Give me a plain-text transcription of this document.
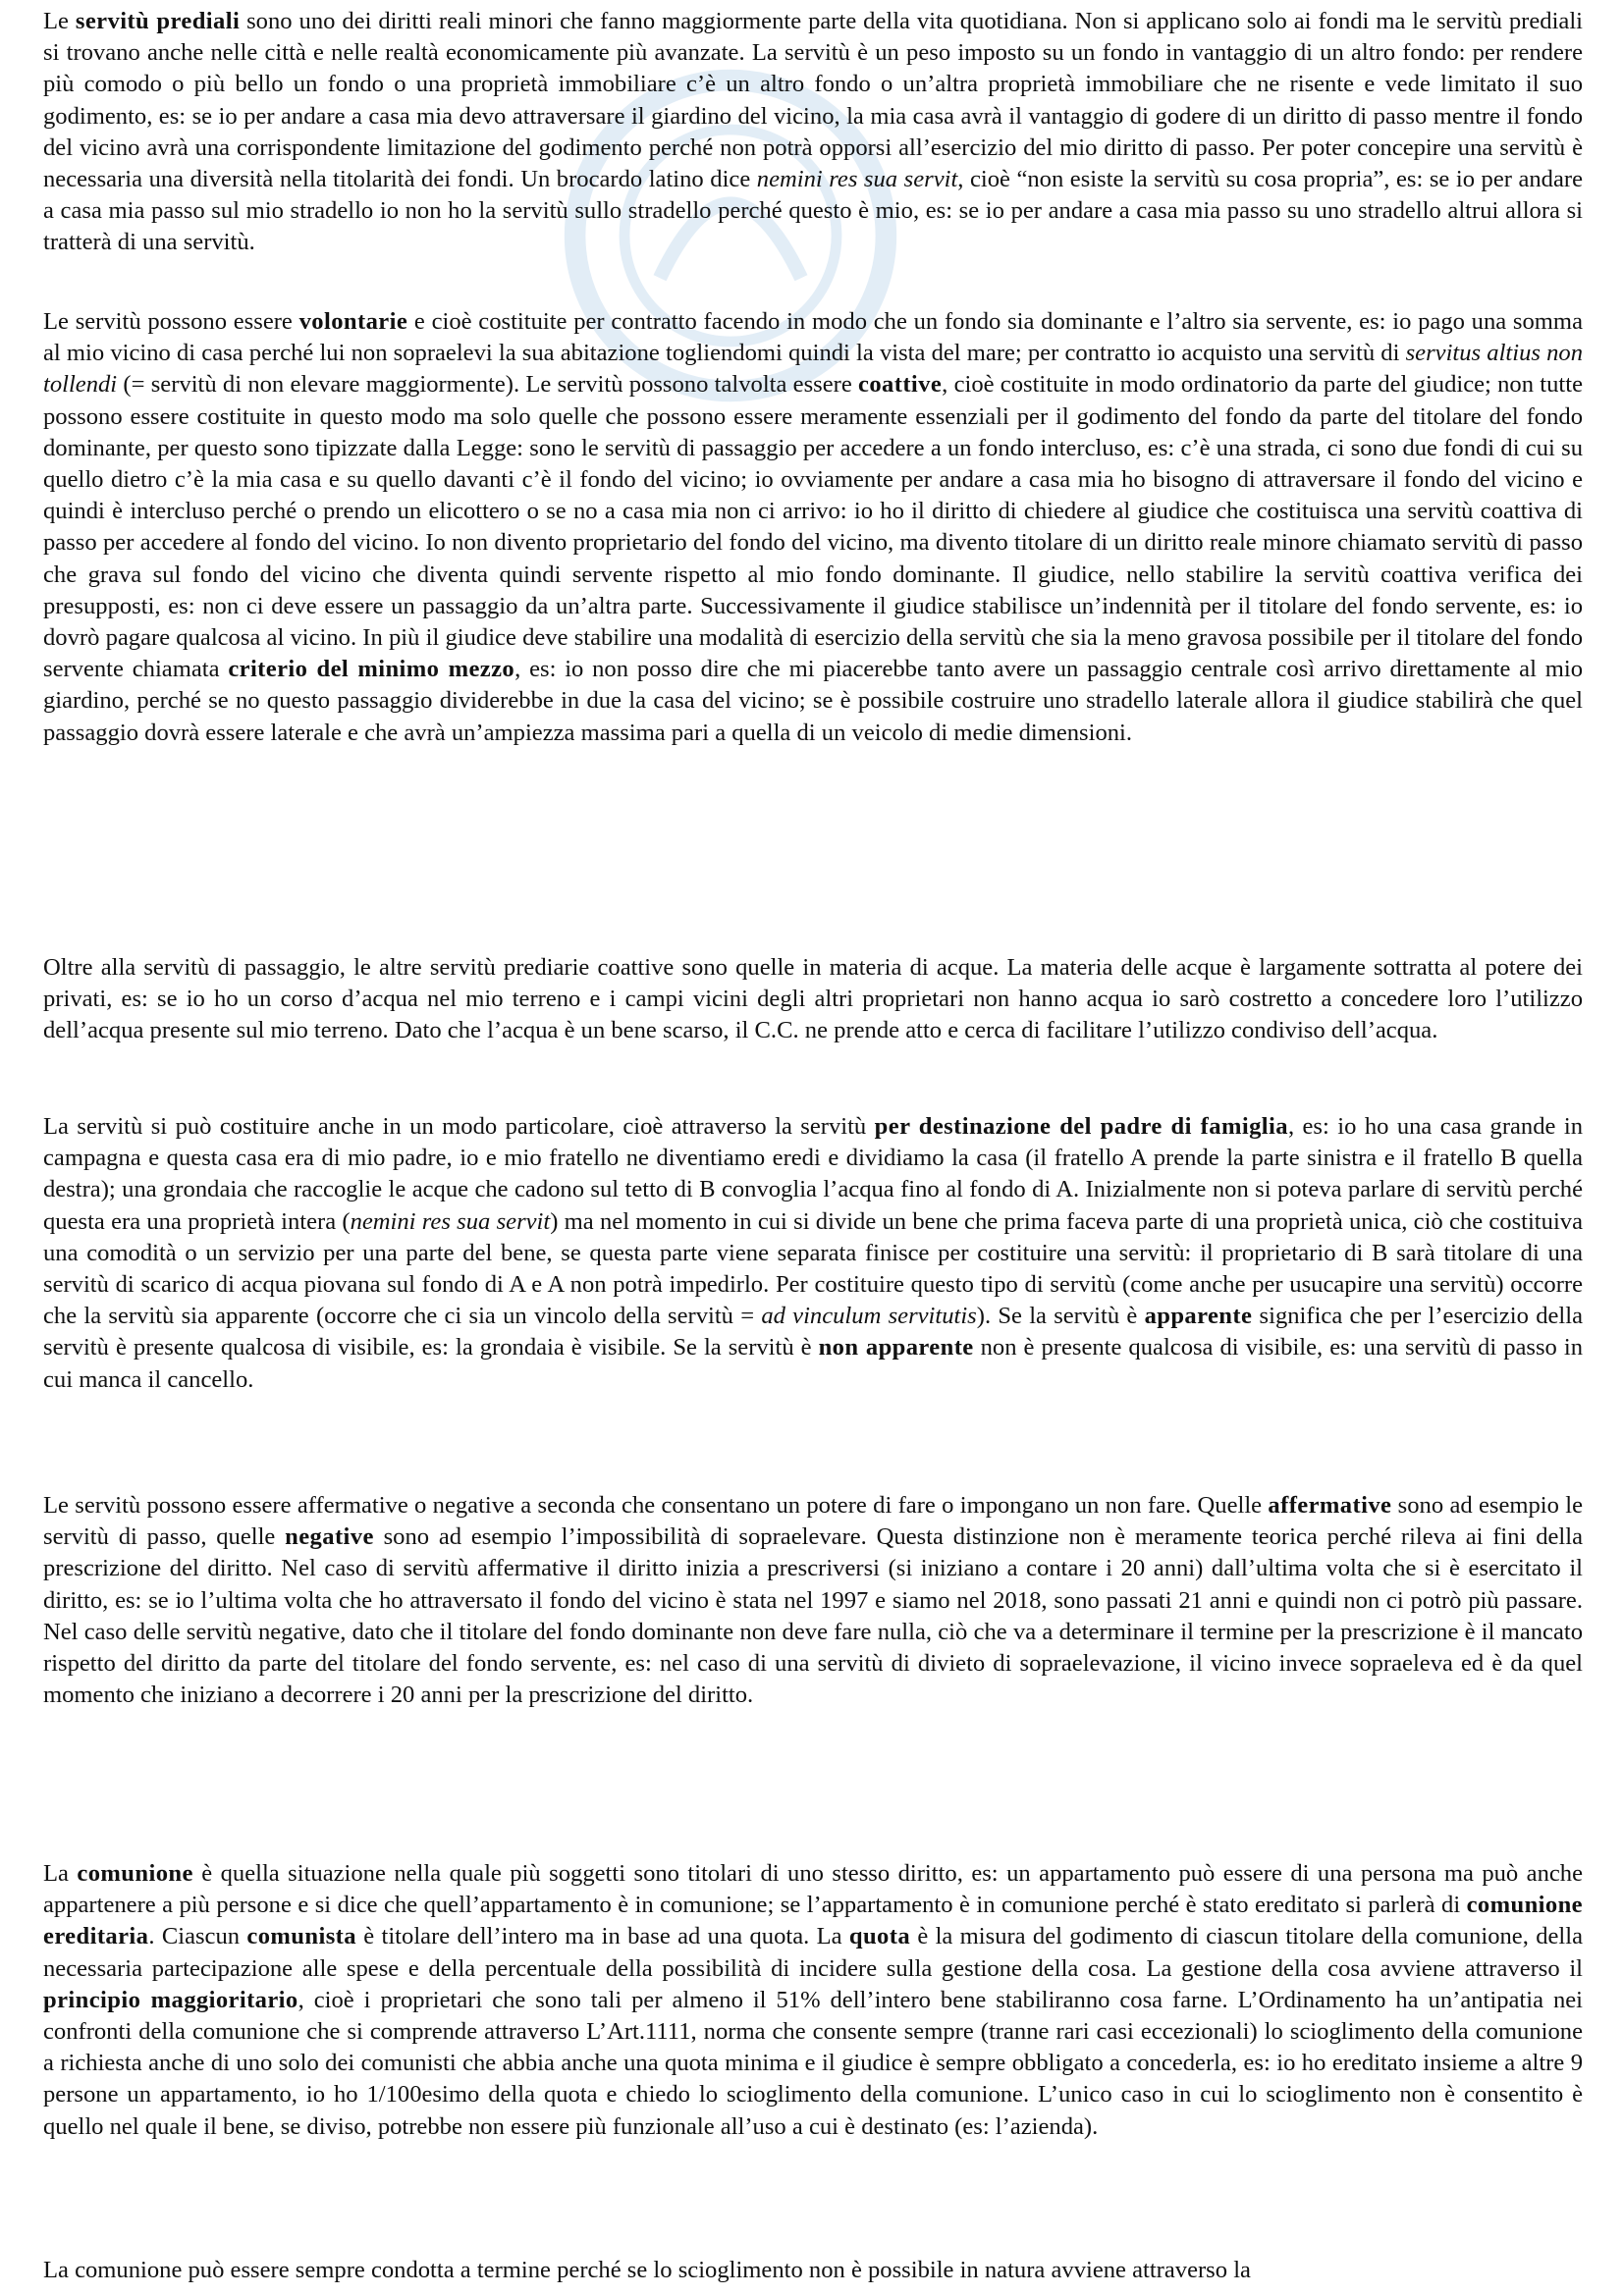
Le servitù prediali sono uno dei diritti reali minori che fanno maggiormente parte della vita quotidiana. Non si applicano solo ai fondi ma le servitù prediali si trovano anche nelle città e nelle realtà economicamente più avanzate. La servitù è un peso imposto su un fondo in vantaggio di un altro fondo: per rendere più comodo o più bello un fondo o una proprietà immobiliare c’è un altro fondo o un’altra proprietà immobiliare che ne risente e vede limitato il suo godimento, es: se io per andare a casa mia devo attraversare il giardino del vicino, la mia casa avrà il vantaggio di godere di un diritto di passo mentre il fondo del vicino avrà una corrispondente limitazione del godimento perché non potrà opporsi all’esercizio del mio diritto di passo. Per poter concepire una servitù è necessaria una diversità nella titolarità dei fondi. Un brocardo latino dice nemini res sua servit, cioè “non esiste la servitù su cosa propria”, es: se io per andare a casa mia passo sul mio stradello io non ho la servitù sullo stradello perché questo è mio, es: se io per andare a casa mia passo su uno stradello altrui allora si tratterà di una servitù.

Le servitù possono essere volontarie e cioè costituite per contratto facendo in modo che un fondo sia dominante e l’altro sia servente, es: io pago una somma al mio vicino di casa perché lui non sopraelevi la sua abitazione togliendomi quindi la vista del mare; per contratto io acquisto una servitù di servitus altius non tollendi (= servitù di non elevare maggiormente). Le servitù possono talvolta essere coattive, cioè costituite in modo ordinatorio da parte del giudice; non tutte possono essere costituite in questo modo ma solo quelle che possono essere meramente essenziali per il godimento del fondo da parte del titolare del fondo dominante, per questo sono tipizzate dalla Legge: sono le servitù di passaggio per accedere a un fondo intercluso, es: c’è una strada, ci sono due fondi di cui su quello dietro c’è la mia casa e su quello davanti c’è il fondo del vicino; io ovviamente per andare a casa mia ho bisogno di attraversare il fondo del vicino e quindi è intercluso perché o prendo un elicottero o se no a casa mia non ci arrivo: io ho il diritto di chiedere al giudice che costituisca una servitù coattiva di passo per accedere al fondo del vicino. Io non divento proprietario del fondo del vicino, ma divento titolare di un diritto reale minore chiamato servitù di passo che grava sul fondo del vicino che diventa quindi servente rispetto al mio fondo dominante. Il giudice, nello stabilire la servitù coattiva verifica dei presupposti, es: non ci deve essere un passaggio da un’altra parte. Successivamente il giudice stabilisce un’indennità per il titolare del fondo servente, es: io dovrò pagare qualcosa al vicino. In più il giudice deve stabilire una modalità di esercizio della servitù che sia la meno gravosa possibile per il titolare del fondo servente chiamata criterio del minimo mezzo, es: io non posso dire che mi piacerebbe tanto avere un passaggio centrale così arrivo direttamente al mio giardino, perché se no questo passaggio dividerebbe in due la casa del vicino; se è possibile costruire uno stradello laterale allora il giudice stabilirà che quel passaggio dovrà essere laterale e che avrà un’ampiezza massima pari a quella di un veicolo di medie dimensioni.

Oltre alla servitù di passaggio, le altre servitù prediarie coattive sono quelle in materia di acque. La materia delle acque è largamente sottratta al potere dei privati, es: se io ho un corso d’acqua nel mio terreno e i campi vicini degli altri proprietari non hanno acqua io sarò costretto a concedere loro l’utilizzo dell’acqua presente sul mio terreno. Dato che l’acqua è un bene scarso, il C.C. ne prende atto e cerca di facilitare l’utilizzo condiviso dell’acqua.

La servitù si può costituire anche in un modo particolare, cioè attraverso la servitù per destinazione del padre di famiglia, es: io ho una casa grande in campagna e questa casa era di mio padre, io e mio fratello ne diventiamo eredi e dividiamo la casa (il fratello A prende la parte sinistra e il fratello B quella destra); una grondaia che raccoglie le acque che cadono sul tetto di B convoglia l’acqua fino al fondo di A. Inizialmente non si poteva parlare di servitù perché questa era una proprietà intera (nemini res sua servit) ma nel momento in cui si divide un bene che prima faceva parte di una proprietà unica, ciò che costituiva una comodità o un servizio per una parte del bene, se questa parte viene separata finisce per costituire una servitù: il proprietario di B sarà titolare di una servitù di scarico di acqua piovana sul fondo di A e A non potrà impedirlo. Per costituire questo tipo di servitù (come anche per usucapire una servitù) occorre che la servitù sia apparente (occorre che ci sia un vincolo della servitù = ad vinculum servitutis). Se la servitù è apparente significa che per l’esercizio della servitù è presente qualcosa di visibile, es: la grondaia è visibile. Se la servitù è non apparente non è presente qualcosa di visibile, es: una servitù di passo in cui manca il cancello.

Le servitù possono essere affermative o negative a seconda che consentano un potere di fare o impongano un non fare. Quelle affermative sono ad esempio le servitù di passo, quelle negative sono ad esempio l’impossibilità di sopraelevare. Questa distinzione non è meramente teorica perché rileva ai fini della prescrizione del diritto. Nel caso di servitù affermative il diritto inizia a prescriversi (si iniziano a contare i 20 anni) dall’ultima volta che si è esercitato il diritto, es: se io l’ultima volta che ho attraversato il fondo del vicino è stata nel 1997 e siamo nel 2018, sono passati 21 anni e quindi non ci potrò più passare. Nel caso delle servitù negative, dato che il titolare del fondo dominante non deve fare nulla, ciò che va a determinare il termine per la prescrizione è il mancato rispetto del diritto da parte del titolare del fondo servente, es: nel caso di una servitù di divieto di sopraelevazione, il vicino invece sopraeleva ed è da quel momento che iniziano a decorrere i 20 anni per la prescrizione del diritto.

La comunione è quella situazione nella quale più soggetti sono titolari di uno stesso diritto, es: un appartamento può essere di una persona ma può anche appartenere a più persone e si dice che quell’appartamento è in comunione; se l’appartamento è in comunione perché è stato ereditato si parlerà di comunione ereditaria. Ciascun comunista è titolare dell’intero ma in base ad una quota. La quota è la misura del godimento di ciascun titolare della comunione, della necessaria partecipazione alle spese e della percentuale della possibilità di incidere sulla gestione della cosa. La gestione della cosa avviene attraverso il principio maggioritario, cioè i proprietari che sono tali per almeno il 51% dell’intero bene stabiliranno cosa farne. L’Ordinamento ha un’antipatia nei confronti della comunione che si comprende attraverso L’Art.1111, norma che consente sempre (tranne rari casi eccezionali) lo scioglimento della comunione a richiesta anche di uno solo dei comunisti che abbia anche una quota minima e il giudice è sempre obbligato a concederla, es: io ho ereditato insieme a altre 9 persone un appartamento, io ho 1/100esimo della quota e chiedo lo scioglimento della comunione. L’unico caso in cui lo scioglimento non è consentito è quello nel quale il bene, se diviso, potrebbe non essere più funzionale all’uso a cui è destinato (es: l’azienda).

La comunione può essere sempre condotta a termine perché se lo scioglimento non è possibile in natura avviene attraverso la
